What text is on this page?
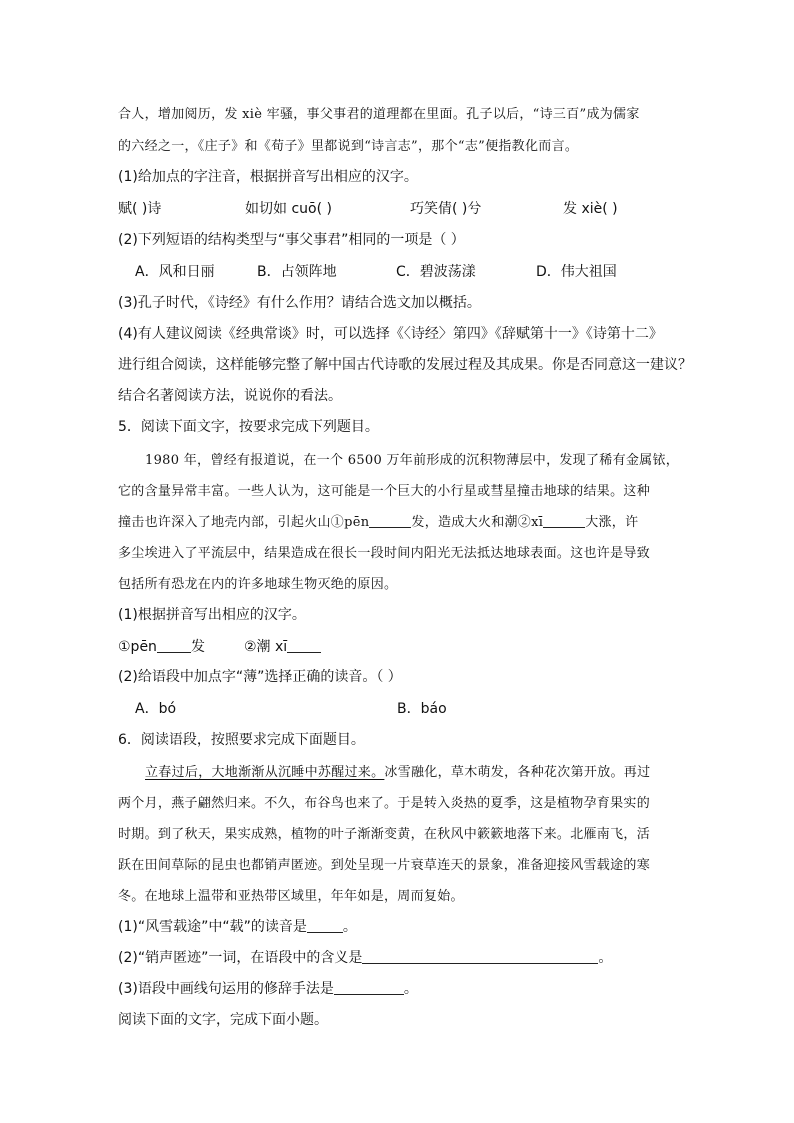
合人，增加阅历，发 xiè 牢骚，事父事君的道理都在里面。孔子以后，“诗三百”成为儒家
的六经之一，《庄子》和《荀子》里都说到“诗言志”，那个“志”便指教化而言。
(1)给加点的字注音，根据拼音写出相应的汉字。
赋( )诗	如切如 cuō( )	巧笑倩( )兮	发 xiè( )
(2)下列短语的结构类型与“事父事君”相同的一项是（ ）
A．风和日丽	B．占领阵地	C．碧波荡漾	D．伟大祖国
(3)孔子时代，《诗经》有什么作用？请结合选文加以概括。
(4)有人建议阅读《经典常谈》时，可以选择《〈诗经〉第四》《辞赋第十一》《诗第十二》
进行组合阅读，这样能够完整了解中国古代诗歌的发展过程及其成果。你是否同意这一建议？
结合名著阅读方法，说说你的看法。
5．阅读下面文字，按要求完成下列题目。
1980 年，曾经有报道说，在一个 6500 万年前形成的沉积物薄层中，发现了稀有金属铱，
它的含量异常丰富。一些人认为，这可能是一个巨大的小行星或彗星撞击地球的结果。这种
撞击也许深入了地壳内部，引起火山①pēn	发，造成大火和潮②xī	大涨，许
多尘埃进入了平流层中，结果造成在很长一段时间内阳光无法抵达地球表面。这也许是导致
包括所有恐龙在内的许多地球生物灭绝的原因。
(1)根据拼音写出相应的汉字。
①pēn 发	②潮 xī
(2)给语段中加点字“薄”选择正确的读音。（ ）
A．bó	B．báo
6．阅读语段，按照要求完成下面题目。
立春过后，大地渐渐从沉睡中苏醒过来。冰雪融化，草木萌发，各种花次第开放。再过
两个月，燕子翩然归来。不久，布谷鸟也来了。于是转入炎热的夏季，这是植物孕育果实的
时期。到了秋天，果实成熟，植物的叶子渐渐变黄，在秋风中簌簌地落下来。北雁南飞，活
跃在田间草际的昆虫也都销声匿迹。到处呈现一片衰草连天的景象，准备迎接风雪载途的寒
冬。在地球上温带和亚热带区域里，年年如是，周而复始。
(1)“风雪载途”中“载”的读音是	。
(2)“销声匿迹”一词，在语段中的含义是	。
(3)语段中画线句运用的修辞手法是	。
阅读下面的文字，完成下面小题。
